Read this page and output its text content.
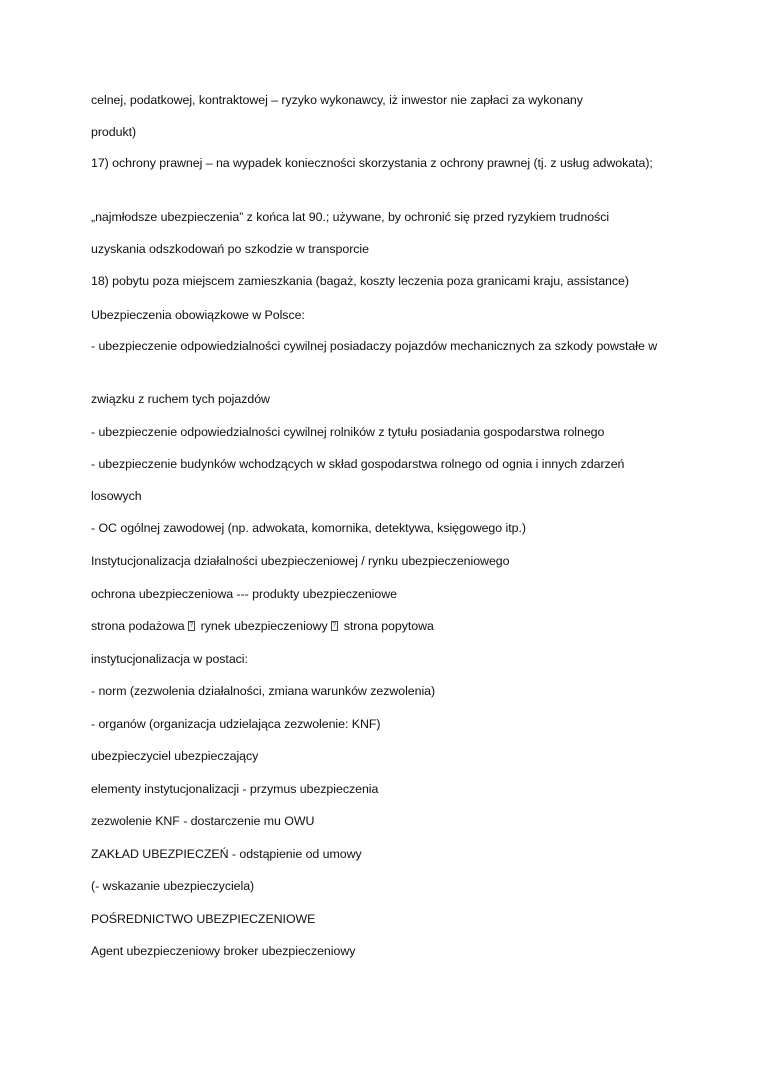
celnej, podatkowej, kontraktowej – ryzyko wykonawcy, iż inwestor nie zapłaci za wykonany
produkt)
17) ochrony prawnej – na wypadek konieczności skorzystania z ochrony prawnej (tj. z usług adwokata);
„najmłodsze ubezpieczenia” z końca lat 90.; używane, by ochronić się przed ryzykiem trudności
uzyskania odszkodowań po szkodzie w transporcie
18) pobytu poza miejscem zamieszkania (bagaż, koszty leczenia poza granicami kraju, assistance)
Ubezpieczenia obowiązkowe w Polsce:
- ubezpieczenie odpowiedzialności cywilnej posiadaczy pojazdów mechanicznych za szkody powstałe w
związku z ruchem tych pojazdów
- ubezpieczenie odpowiedzialności cywilnej rolników z tytułu posiadania gospodarstwa rolnego
- ubezpieczenie budynków wchodzących w skład gospodarstwa rolnego od ognia i innych zdarzeń
losowych
- OC ogólnej zawodowej (np. adwokata, komornika, detektywa, księgowego itp.)
Instytucjonalizacja działalności ubezpieczeniowej / rynku ubezpieczeniowego
ochrona ubezpieczeniowa --- produkty ubezpieczeniowe
strona podażowa ? rynek ubezpieczeniowy ? strona popytowa
instytucjonalizacja w postaci:
- norm (zezwolenia działalności, zmiana warunków zezwolenia)
- organów (organizacja udzielająca zezwolenie: KNF)
ubezpieczyciel ubezpieczający
elementy instytucjonalizacji - przymus ubezpieczenia
zezwolenie KNF - dostarczenie mu OWU
ZAKŁAD UBEZPIECZEŃ - odstąpienie od umowy
(- wskazanie ubezpieczyciela)
POŚREDNICTWO UBEZPIECZENIOWE
Agent ubezpieczeniowy broker ubezpieczeniowy
